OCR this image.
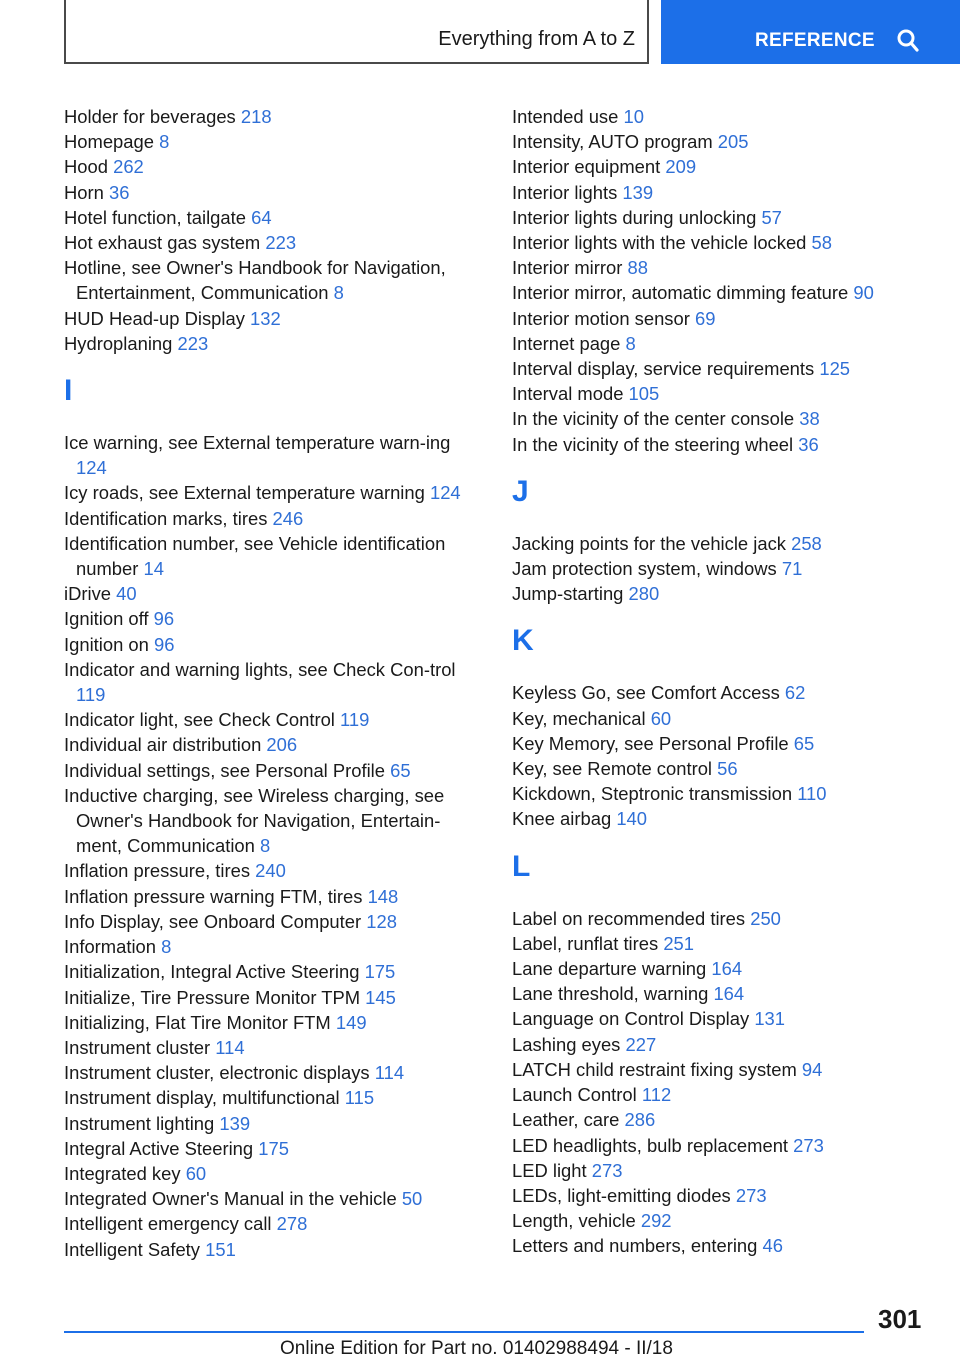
Everything from A to Z	REFERENCE
Holder for beverages 218
Homepage 8
Hood 262
Horn 36
Hotel function, tailgate 64
Hot exhaust gas system 223
Hotline, see Owner's Handbook for Navigation, Entertainment, Communication 8
HUD Head-up Display 132
Hydroplaning 223
I
Ice warning, see External temperature warn-ing 124
Icy roads, see External temperature warning 124
Identification marks, tires 246
Identification number, see Vehicle identification number 14
iDrive 40
Ignition off 96
Ignition on 96
Indicator and warning lights, see Check Con-trol 119
Indicator light, see Check Control 119
Individual air distribution 206
Individual settings, see Personal Profile 65
Inductive charging, see Wireless charging, see Owner's Handbook for Navigation, Entertain-ment, Communication 8
Inflation pressure, tires 240
Inflation pressure warning FTM, tires 148
Info Display, see Onboard Computer 128
Information 8
Initialization, Integral Active Steering 175
Initialize, Tire Pressure Monitor TPM 145
Initializing, Flat Tire Monitor FTM 149
Instrument cluster 114
Instrument cluster, electronic displays 114
Instrument display, multifunctional 115
Instrument lighting 139
Integral Active Steering 175
Integrated key 60
Integrated Owner's Manual in the vehicle 50
Intelligent emergency call 278
Intelligent Safety 151
Intended use 10
Intensity, AUTO program 205
Interior equipment 209
Interior lights 139
Interior lights during unlocking 57
Interior lights with the vehicle locked 58
Interior mirror 88
Interior mirror, automatic dimming feature 90
Interior motion sensor 69
Internet page 8
Interval display, service requirements 125
Interval mode 105
In the vicinity of the center console 38
In the vicinity of the steering wheel 36
J
Jacking points for the vehicle jack 258
Jam protection system, windows 71
Jump-starting 280
K
Keyless Go, see Comfort Access 62
Key, mechanical 60
Key Memory, see Personal Profile 65
Key, see Remote control 56
Kickdown, Steptronic transmission 110
Knee airbag 140
L
Label on recommended tires 250
Label, runflat tires 251
Lane departure warning 164
Lane threshold, warning 164
Language on Control Display 131
Lashing eyes 227
LATCH child restraint fixing system 94
Launch Control 112
Leather, care 286
LED headlights, bulb replacement 273
LED light 273
LEDs, light-emitting diodes 273
Length, vehicle 292
Letters and numbers, entering 46
301
Online Edition for Part no. 01402988494 - II/18
